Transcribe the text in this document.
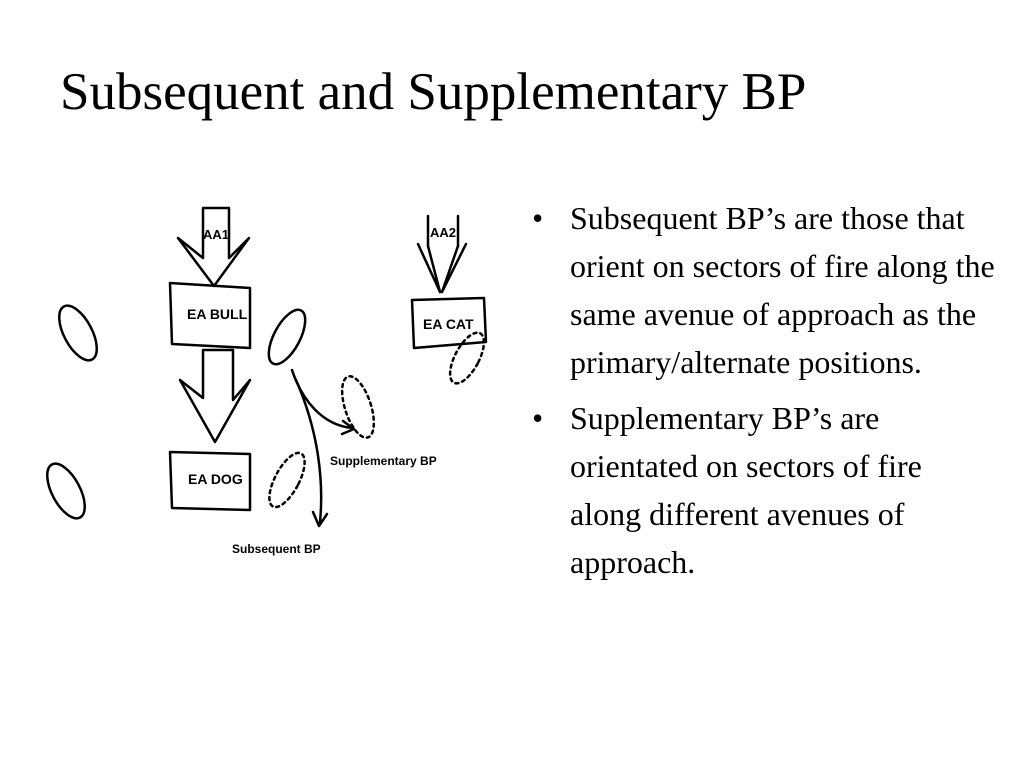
Subsequent and Supplementary BP
AA1	AA2
EA BULL
EA DOG
EA CAT
Supplementary BP
Subsequent BP
• Subsequent BP’s are those that orient on sectors of fire along the same avenue of approach as the primary/alternate positions.
• Supplementary BP’s are orientated on sectors of fire along different avenues of approach.
